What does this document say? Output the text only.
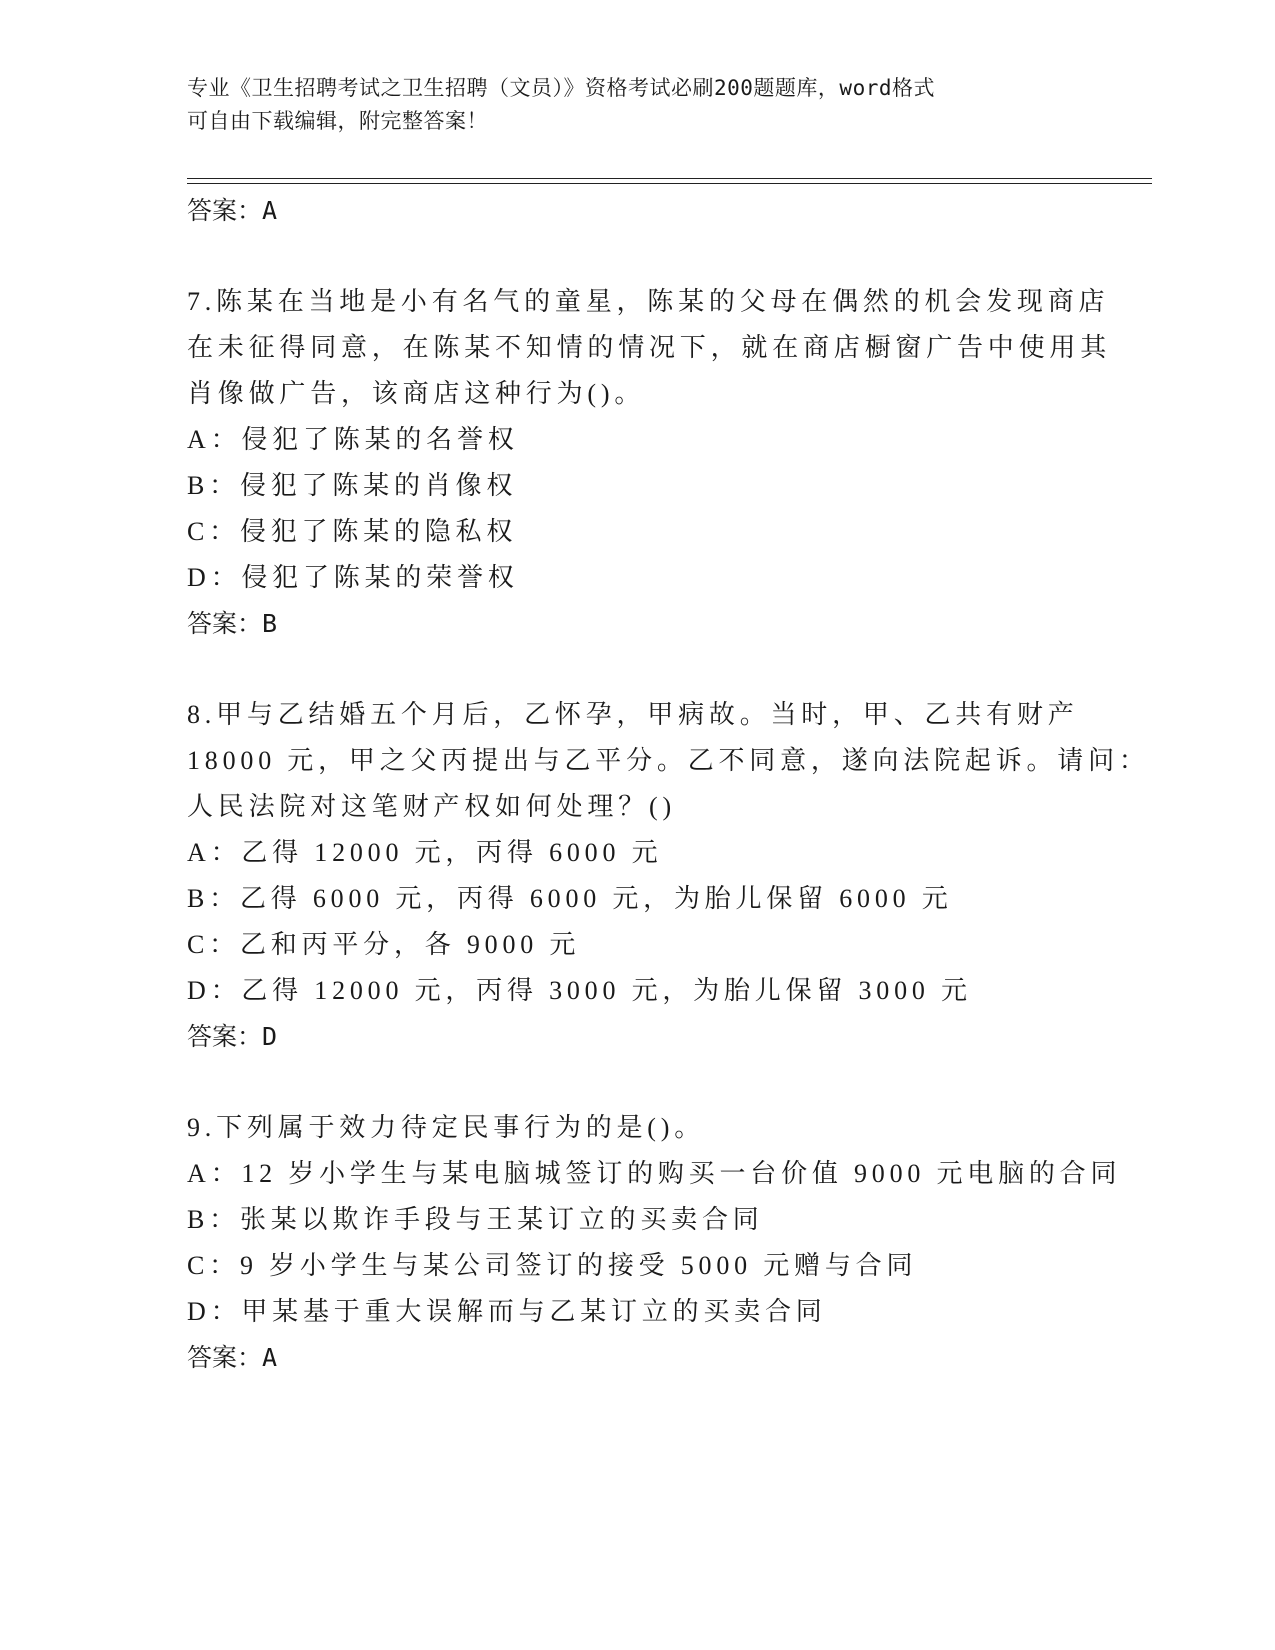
专业《卫生招聘考试之卫生招聘（文员）》资格考试必刷200题题库，word格式
可自由下载编辑，附完整答案！
答案：A
7.陈某在当地是小有名气的童星，陈某的父母在偶然的机会发现商店
在未征得同意，在陈某不知情的情况下，就在商店橱窗广告中使用其
肖像做广告，该商店这种行为()。
A：侵犯了陈某的名誉权
B：侵犯了陈某的肖像权
C：侵犯了陈某的隐私权
D：侵犯了陈某的荣誉权
答案：B
8.甲与乙结婚五个月后，乙怀孕，甲病故。当时，甲、乙共有财产
18000 元，甲之父丙提出与乙平分。乙不同意，遂向法院起诉。请问：
人民法院对这笔财产权如何处理？()
A：乙得 12000 元，丙得 6000 元
B：乙得 6000 元，丙得 6000 元，为胎儿保留 6000 元
C：乙和丙平分，各 9000 元
D：乙得 12000 元，丙得 3000 元，为胎儿保留 3000 元
答案：D
9.下列属于效力待定民事行为的是()。
A：12 岁小学生与某电脑城签订的购买一台价值 9000 元电脑的合同
B：张某以欺诈手段与王某订立的买卖合同
C：9 岁小学生与某公司签订的接受 5000 元赠与合同
D：甲某基于重大误解而与乙某订立的买卖合同
答案：A
